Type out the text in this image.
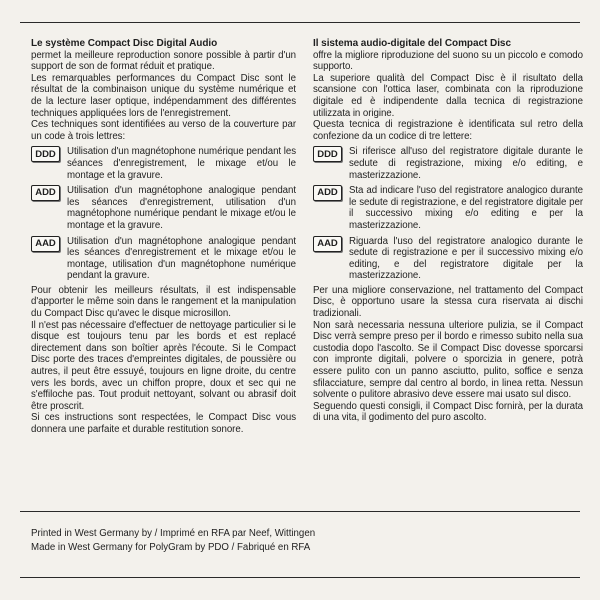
Le système Compact Disc Digital Audio

permet la meilleure reproduction sonore possible à partir d'un support de son de format réduit et pratique.

Les remarquables performances du Compact Disc sont le résultat de la combinaison unique du système numérique et de la lecture laser optique, indépendamment des différentes techniques appliquées lors de l'enregistrement.

Ces techniques sont identifiées au verso de la couverture par un code à trois lettres:

DDD	Utilisation d'un magnétophone numérique pendant les séances d'enregistrement, le mixage et/ou le montage et la gravure.
ADD	Utilisation d'un magnétophone analogique pendant les séances d'enregistrement, utilisation d'un magnétophone numérique pendant le mixage et/ou le montage et la gravure.
AAD	Utilisation d'un magnétophone analogique pendant les séances d'enregistrement et le mixage et/ou le montage, utilisation d'un magnétophone numérique pendant la gravure.

Pour obtenir les meilleurs résultats, il est indispensable d'apporter le même soin dans le rangement et la manipulation du Compact Disc qu'avec le disque microsillon.

Il n'est pas nécessaire d'effectuer de nettoyage particulier si le disque est toujours tenu par les bords et est replacé directement dans son boîtier après l'écoute. Si le Compact Disc porte des traces d'empreintes digitales, de poussière ou autres, il peut être essuyé, toujours en ligne droite, du centre vers les bords, avec un chiffon propre, doux et sec qui ne s'effiloche pas. Tout produit nettoyant, solvant ou abrasif doit être proscrit.

Si ces instructions sont respectées, le Compact Disc vous donnera une parfaite et durable restitution sonore.

Il sistema audio-digitale del Compact Disc

offre la migliore riproduzione del suono su un piccolo e comodo supporto.

La superiore qualità del Compact Disc è il risultato della scansione con l'ottica laser, combinata con la riproduzione digitale ed è indipendente dalla tecnica di registrazione utilizzata in origine.

Questa tecnica di registrazione è identificata sul retro della confezione da un codice di tre lettere:

DDD	Si riferisce all'uso del registratore digitale durante le sedute di registrazione, mixing e/o editing, e masterizzazione.
ADD	Sta ad indicare l'uso del registratore analogico durante le sedute di registrazione, e del registratore digitale per il successivo mixing e/o editing e per la masterizzazione.
AAD	Riguarda l'uso del registratore analogico durante le sedute di registrazione e per il successivo mixing e/o editing, e del registratore digitale per la masterizzazione.

Per una migliore conservazione, nel trattamento del Compact Disc, è opportuno usare la stessa cura riservata ai dischi tradizionali.

Non sarà necessaria nessuna ulteriore pulizia, se il Compact Disc verrà sempre preso per il bordo e rimesso subito nella sua custodia dopo l'ascolto. Se il Compact Disc dovesse sporcarsi con impronte digitali, polvere o sporcizia in genere, potrà essere pulito con un panno asciutto, pulito, soffice e senza sfilacciature, sempre dal centro al bordo, in linea retta. Nessun solvente o pulitore abrasivo deve essere mai usato sul disco.

Seguendo questi consigli, il Compact Disc fornirà, per la durata di una vita, il godimento del puro ascolto.

Printed in West Germany by / Imprimé en RFA par Neef, Wittingen
Made in West Germany for PolyGram by PDO / Fabriqué en RFA
